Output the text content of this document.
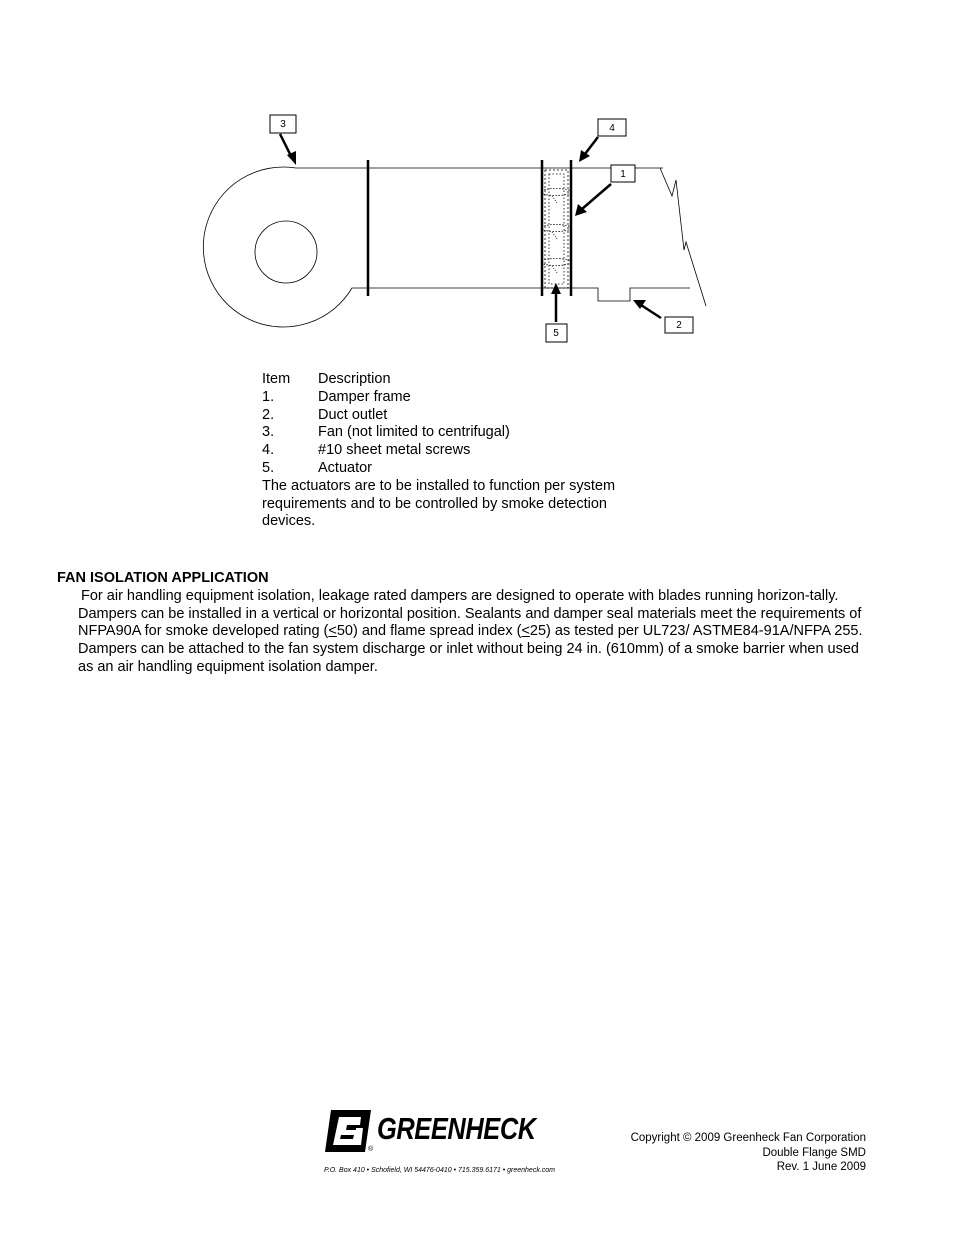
3	4
1
2
5
Item	Description
1.	Damper frame
2.	Duct outlet
3.	Fan (not limited to centrifugal)
4.	#10 sheet metal screws
5.	Actuator
The actuators are to be installed to function per system requirements and to be controlled by smoke detection devices.
FAN ISOLATION APPLICATION

For air handling equipment isolation, leakage rated dampers are designed to operate with blades running horizon-tally. Dampers can be installed in a vertical or horizontal position. Sealants and damper seal materials meet the requirements of NFPA90A for smoke developed rating (<50) and flame spread index (<25) as tested per UL723/ ASTME84-91A/NFPA 255. Dampers can be attached to the fan system discharge or inlet without being 24 in. (610mm) of a smoke barrier when used as an air handling equipment isolation damper.

GREENHECK
®
P.O. Box 410 • Schofield, WI 54476-0410 • 715.359.6171 • greenheck.com
Copyright © 2009 Greenheck Fan Corporation
Double Flange SMD
Rev. 1 June 2009
